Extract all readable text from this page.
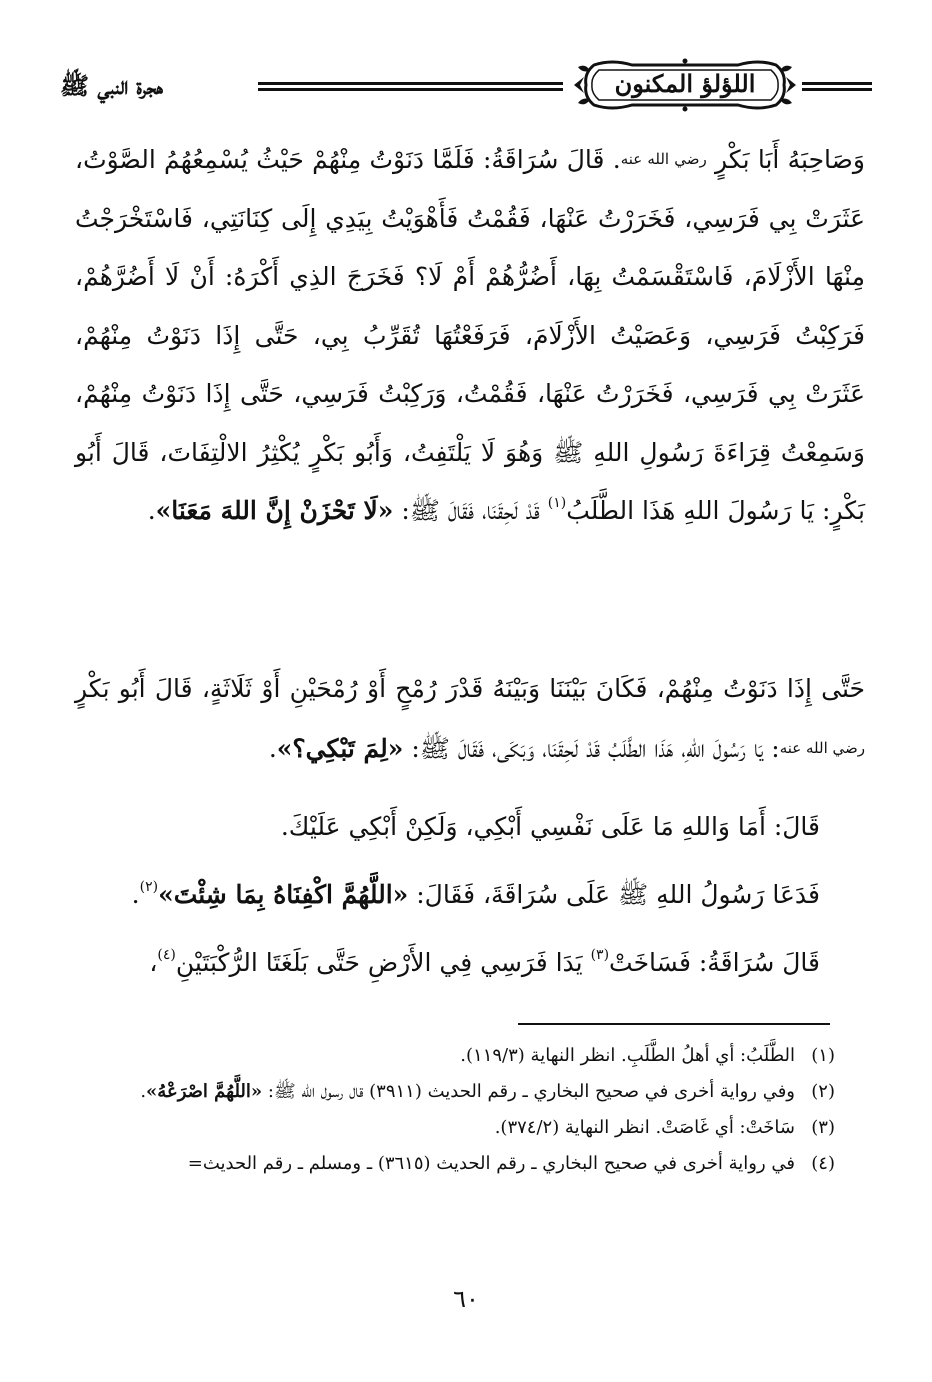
هجرة النبي ﷺ	اللؤلؤ المكنون

وَصَاحِبَهُ أَبَا بَكْرٍ رضي الله عنه. قَالَ سُرَاقَةُ: فَلَمَّا دَنَوْتُ مِنْهُمْ حَيْثُ يُسْمِعُهُمُ الصَّوْتُ، عَثَرَتْ بِي فَرَسِي، فَخَرَرْتُ عَنْهَا، فَقُمْتُ فَأَهْوَيْتُ بِيَدِي إِلَى كِنَانَتِي، فَاسْتَخْرَجْتُ مِنْهَا الأَزْلَامَ، فَاسْتَقْسَمْتُ بِهَا، أَضُرُّهُمْ أَمْ لَا؟ فَخَرَجَ الذِي أَكْرَهُ: أَنْ لَا أَضُرَّهُمْ، فَرَكِبْتُ فَرَسِي، وَعَصَيْتُ الأَزْلَامَ، فَرَفَعْتُهَا تُقَرِّبُ بِي، حَتَّى إِذَا دَنَوْتُ مِنْهُمْ، عَثَرَتْ بِي فَرَسِي، فَخَرَرْتُ عَنْهَا، فَقُمْتُ، وَرَكِبْتُ فَرَسِي، حَتَّى إِذَا دَنَوْتُ مِنْهُمْ، وَسَمِعْتُ قِرَاءَةَ رَسُولِ اللهِ ﷺ وَهُوَ لَا يَلْتَفِتُ، وَأَبُو بَكْرٍ يُكْثِرُ الالْتِفَاتَ، قَالَ أَبُو بَكْرٍ: يَا رَسُولَ اللهِ هَذَا الطَّلَبُ$^{(١)}$ قَدْ لَحِقَنَا، فَقَالَ ﷺ: «لَا تَحْزَنْ إِنَّ اللهَ مَعَنَا».

حَتَّى إِذَا دَنَوْتُ مِنْهُمْ، فَكَانَ بَيْنَنَا وَبَيْنَهُ قَدْرَ رُمْحٍ أَوْ رُمْحَيْنِ أَوْ ثَلَاثَةٍ، قَالَ أَبُو بَكْرٍ رضي الله عنه: يَا رَسُولَ اللهِ، هَذَا الطَّلَبُ قَدْ لَحِقَنَا، وَبَكَى، فَقَالَ ﷺ: «لِمَ تَبْكِي؟».

قَالَ: أَمَا وَاللهِ مَا عَلَى نَفْسِي أَبْكِي، وَلَكِنْ أَبْكِي عَلَيْكَ.

فَدَعَا رَسُولُ اللهِ ﷺ عَلَى سُرَاقَةَ، فَقَالَ: «اللَّهُمَّ اكْفِنَاهُ بِمَا شِئْتَ»$^{(٢)}$.

قَالَ سُرَاقَةُ: فَسَاخَتْ$^{(٣)}$ يَدَا فَرَسِي فِي الأَرْضِ حَتَّى بَلَغَتَا الرُّكْبَتَيْنِ$^{(٤)}$،

(١)
الطَّلَبُ: أي أهلُ الطَّلَبِ. انظر النهاية (١١٩/٣).
(٢)
وفي رواية أخرى في صحيح البخاري ـ رقم الحديث (٣٩١١) قال رسول الله ﷺ: «اللَّهُمَّ اصْرَعْهُ».
(٣)
سَاخَتْ: أي غَاصَتْ. انظر النهاية (٣٧٤/٢).
(٤)
في رواية أخرى في صحيح البخاري ـ رقم الحديث (٣٦١٥) ـ ومسلم ـ رقم الحديث=
٦٠
